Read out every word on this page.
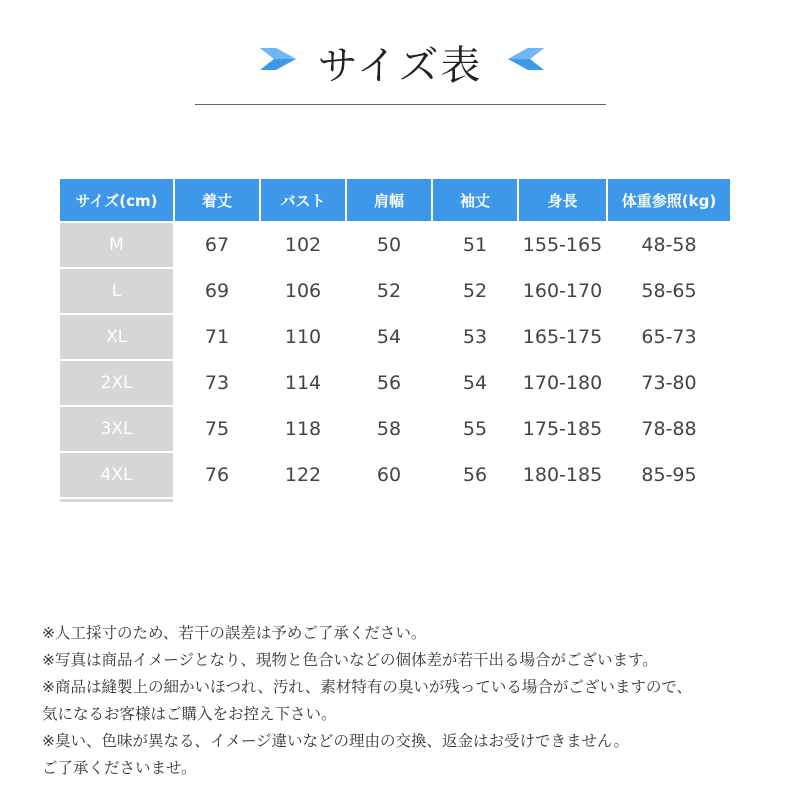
サイズ表
サイズ(cm)	着丈	バスト	肩幅	袖丈	身長	体重参照(kg)
M	67	102	50	51	155-165	48-58
L	69	106	52	52	160-170	58-65
XL	71	110	54	53	165-175	65-73
2XL	73	114	56	54	170-180	73-80
3XL	75	118	58	55	175-185	78-88
4XL	76	122	60	56	180-185	85-95

※人工採寸のため、若干の誤差は予めご了承ください。
※写真は商品イメージとなり、現物と色合いなどの個体差が若干出る場合がございます。
※商品は縫製上の細かいほつれ、汚れ、素材特有の臭いが残っている場合がございますので、
気になるお客様はご購入をお控え下さい。
※臭い、色味が異なる、イメージ違いなどの理由の交換、返金はお受けできません。
ご了承くださいませ。
